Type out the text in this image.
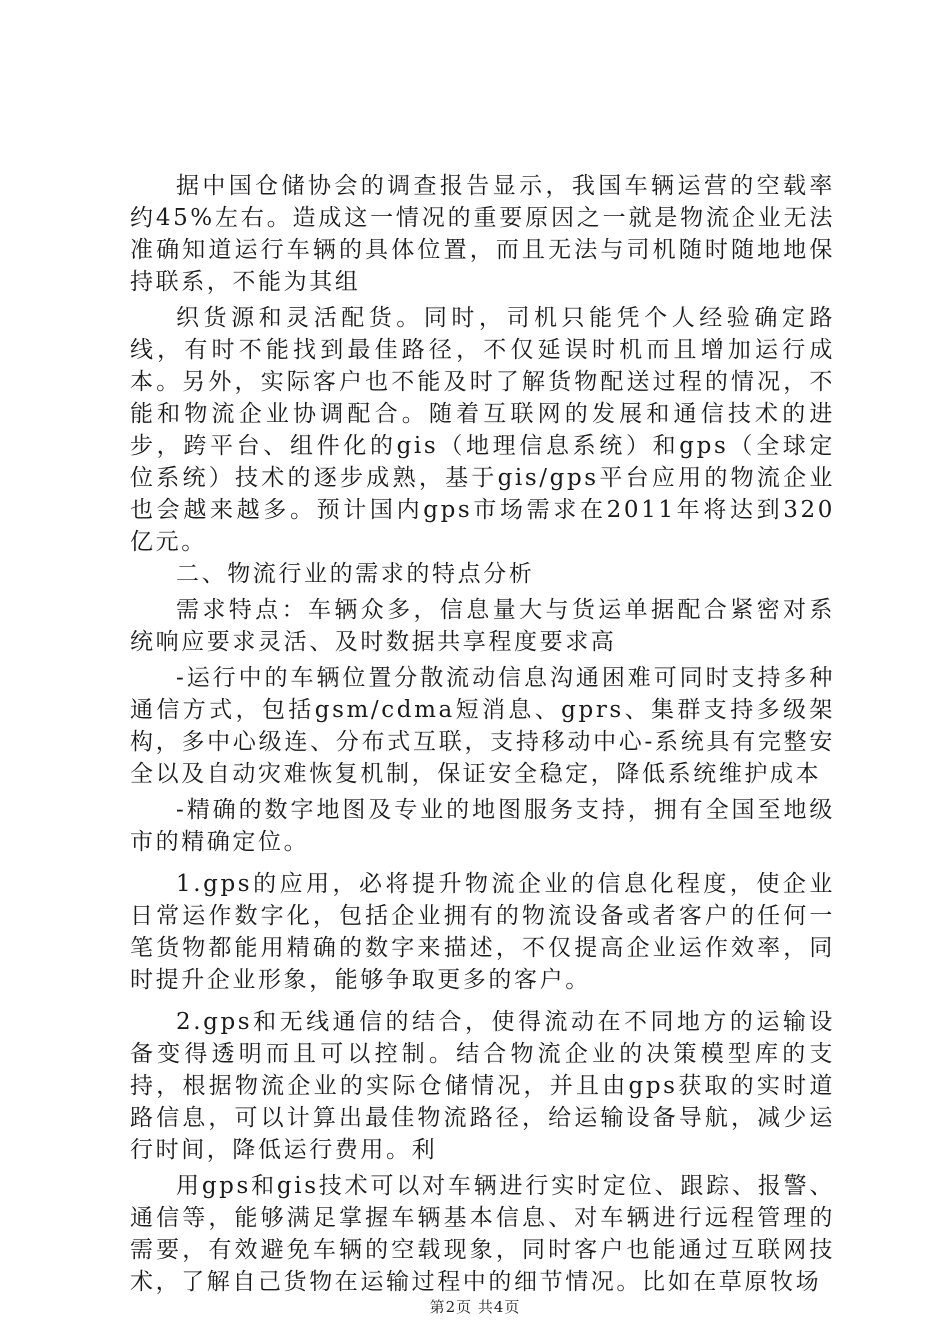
据中国仓储协会的调查报告显示，我国车辆运营的空载率约45%左右。造成这一情况的重要原因之一就是物流企业无法准确知道运行车辆的具体位置，而且无法与司机随时随地地保持联系，不能为其组

织货源和灵活配货。同时，司机只能凭个人经验确定路线，有时不能找到最佳路径，不仅延误时机而且增加运行成本。另外，实际客户也不能及时了解货物配送过程的情况，不能和物流企业协调配合。随着互联网的发展和通信技术的进步，跨平台、组件化的gis（地理信息系统）和gps（全球定位系统）技术的逐步成熟，基于gis/gps平台应用的物流企业也会越来越多。预计国内gps市场需求在2011年将达到320亿元。

二、物流行业的需求的特点分析

需求特点：车辆众多，信息量大与货运单据配合紧密对系统响应要求灵活、及时数据共享程度要求高

-运行中的车辆位置分散流动信息沟通困难可同时支持多种通信方式，包括gsm/cdma短消息、gprs、集群支持多级架构，多中心级连、分布式互联，支持移动中心-系统具有完整安全以及自动灾难恢复机制，保证安全稳定，降低系统维护成本

-精确的数字地图及专业的地图服务支持，拥有全国至地级市的精确定位。

1.gps的应用，必将提升物流企业的信息化程度，使企业日常运作数字化，包括企业拥有的物流设备或者客户的任何一笔货物都能用精确的数字来描述，不仅提高企业运作效率，同时提升企业形象，能够争取更多的客户。

2.gps和无线通信的结合，使得流动在不同地方的运输设备变得透明而且可以控制。结合物流企业的决策模型库的支持，根据物流企业的实际仓储情况，并且由gps获取的实时道路信息，可以计算出最佳物流路径，给运输设备导航，减少运行时间，降低运行费用。利

用gps和gis技术可以对车辆进行实时定位、跟踪、报警、通信等，能够满足掌握车辆基本信息、对车辆进行远程管理的需要，有效避免车辆的空载现象，同时客户也能通过互联网技术，了解自己货物在运输过程中的细节情况。比如在草原牧场

第2页 共4页
